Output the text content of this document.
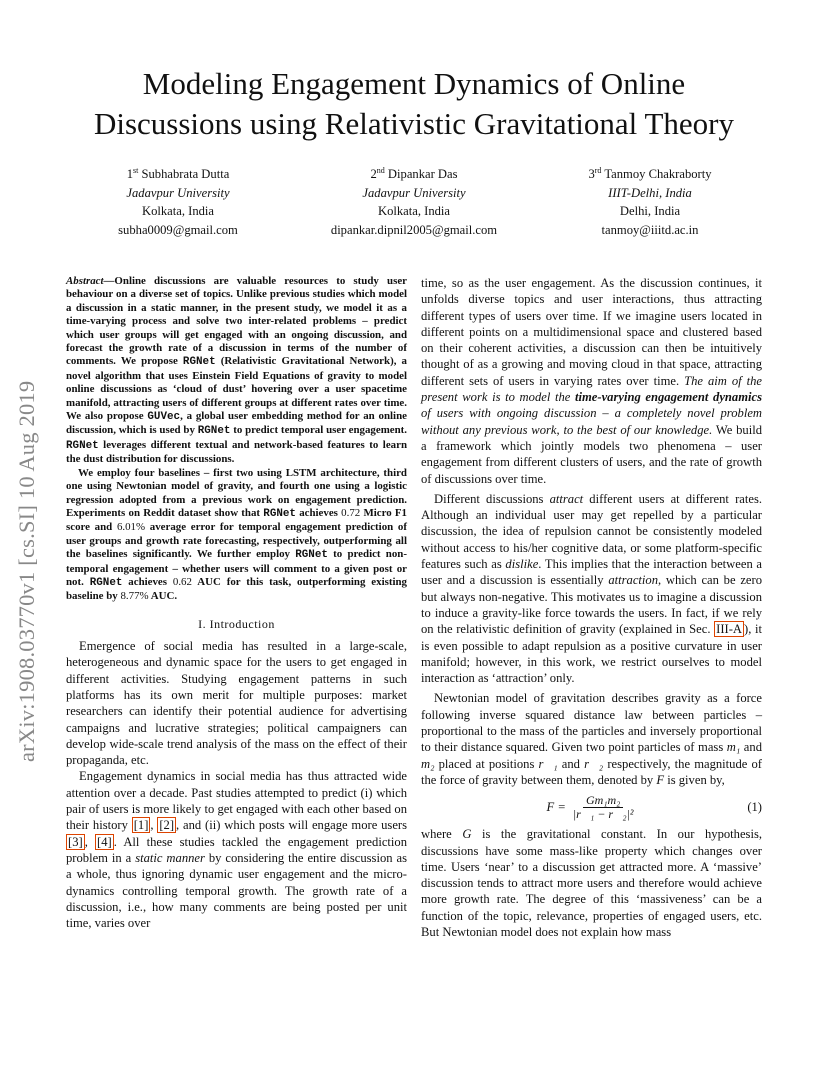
arXiv:1908.03770v1 [cs.SI] 10 Aug 2019
Modeling Engagement Dynamics of Online
Discussions using Relativistic Gravitational Theory
1st Subhabrata Dutta
Jadavpur University
Kolkata, India
subha0009@gmail.com
2nd Dipankar Das
Jadavpur University
Kolkata, India
dipankar.dipnil2005@gmail.com
3rd Tanmoy Chakraborty
IIIT-Delhi, India
Delhi, India
tanmoy@iiitd.ac.in

Abstract—Online discussions are valuable resources to study user behaviour on a diverse set of topics. Unlike previous studies which model a discussion in a static manner, in the present study, we model it as a time-varying process and solve two inter-related problems – predict which user groups will get engaged with an ongoing discussion, and forecast the growth rate of a discussion in terms of the number of comments. We propose RGNet (Relativistic Gravitational Network), a novel algorithm that uses Einstein Field Equations of gravity to model online discussions as ‘cloud of dust’ hovering over a user spacetime manifold, attracting users of different groups at different rates over time. We also propose GUVec, a global user embedding method for an online discussion, which is used by RGNet to predict temporal user engagement. RGNet leverages different textual and network-based features to learn the dust distribution for discussions.

We employ four baselines – first two using LSTM architecture, third one using Newtonian model of gravity, and fourth one using a logistic regression adopted from a previous work on engagement prediction. Experiments on Reddit dataset show that RGNet achieves 0.72 Micro F1 score and 6.01% average error for temporal engagement prediction of user groups and growth rate forecasting, respectively, outperforming all the baselines significantly. We further employ RGNet to predict non-temporal engagement – whether users will comment to a given post or not. RGNet achieves 0.62 AUC for this task, outperforming existing baseline by 8.77% AUC.

I. Introduction

Emergence of social media has resulted in a large-scale, heterogeneous and dynamic space for the users to get engaged in different activities. Studying engagement patterns in such platforms has its own merit for multiple purposes: market researchers can identify their potential audience for advertising campaigns and lucrative strategies; political campaigners can develop wide-scale trend analysis of the mass on the effect of their propaganda, etc.

Engagement dynamics in social media has thus attracted wide attention over a decade. Past studies attempted to predict (i) which pair of users is more likely to get engaged with each other based on their history [1] , [2] , and (ii) which posts will engage more users [3] , [4] . All these studies tackled the engagement prediction problem in a static manner by considering the entire discussion as a whole, thus ignoring dynamic user engagement and the micro-dynamics controlling temporal growth. The growth rate of a discussion, i.e., how many comments are being posted per unit time, varies over

time, so as the user engagement. As the discussion continues, it unfolds diverse topics and user interactions, thus attracting different types of users over time. If we imagine users located in different points on a multidimensional space and clustered based on their coherent activities, a discussion can then be intuitively thought of as a growing and moving cloud in that space, attracting different sets of users in varying rates over time. The aim of the present work is to model the time-varying engagement dynamics of users with ongoing discussion – a completely novel problem without any previous work, to the best of our knowledge. We build a framework which jointly models two phenomena – user engagement from different clusters of users, and the rate of growth of discussions over time.

Different discussions attract different users at different rates. Although an individual user may get repelled by a particular discussion, the idea of repulsion cannot be consistently modeled without access to his/her cognitive data, or some platform-specific features such as dislike. This implies that the interaction between a user and a discussion is essentially attraction, which can be zero but always non-negative. This motivates us to imagine a discussion to induce a gravity-like force towards the users. In fact, if we rely on the relativistic definition of gravity (explained in Sec. III-A ), it is even possible to adapt repulsion as a positive curvature in user manifold; however, in this work, we restrict ourselves to model interaction as ‘attraction’ only.

Newtonian model of gravitation describes gravity as a force following inverse squared distance law between particles – proportional to the mass of the particles and inversely proportional to their distance squared. Given two point particles of mass m₁ and m₂ placed at positions r⃗₁ and r⃗₂ respectively, the magnitude of the force of gravity between them, denoted by F is given by,

$F = \frac{\text{Gm₁m₂}}{\text{|r⃗₁ − r⃗₂|²}}$	(1)

where G is the gravitational constant. In our hypothesis, discussions have some mass-like property which changes over time. Users ‘near’ to a discussion get attracted more. A ‘massive’ discussion tends to attract more users and therefore would achieve more growth rate. The degree of this ‘massiveness’ can be a function of the topic, relevance, properties of engaged users, etc. But Newtonian model does not explain how mass
